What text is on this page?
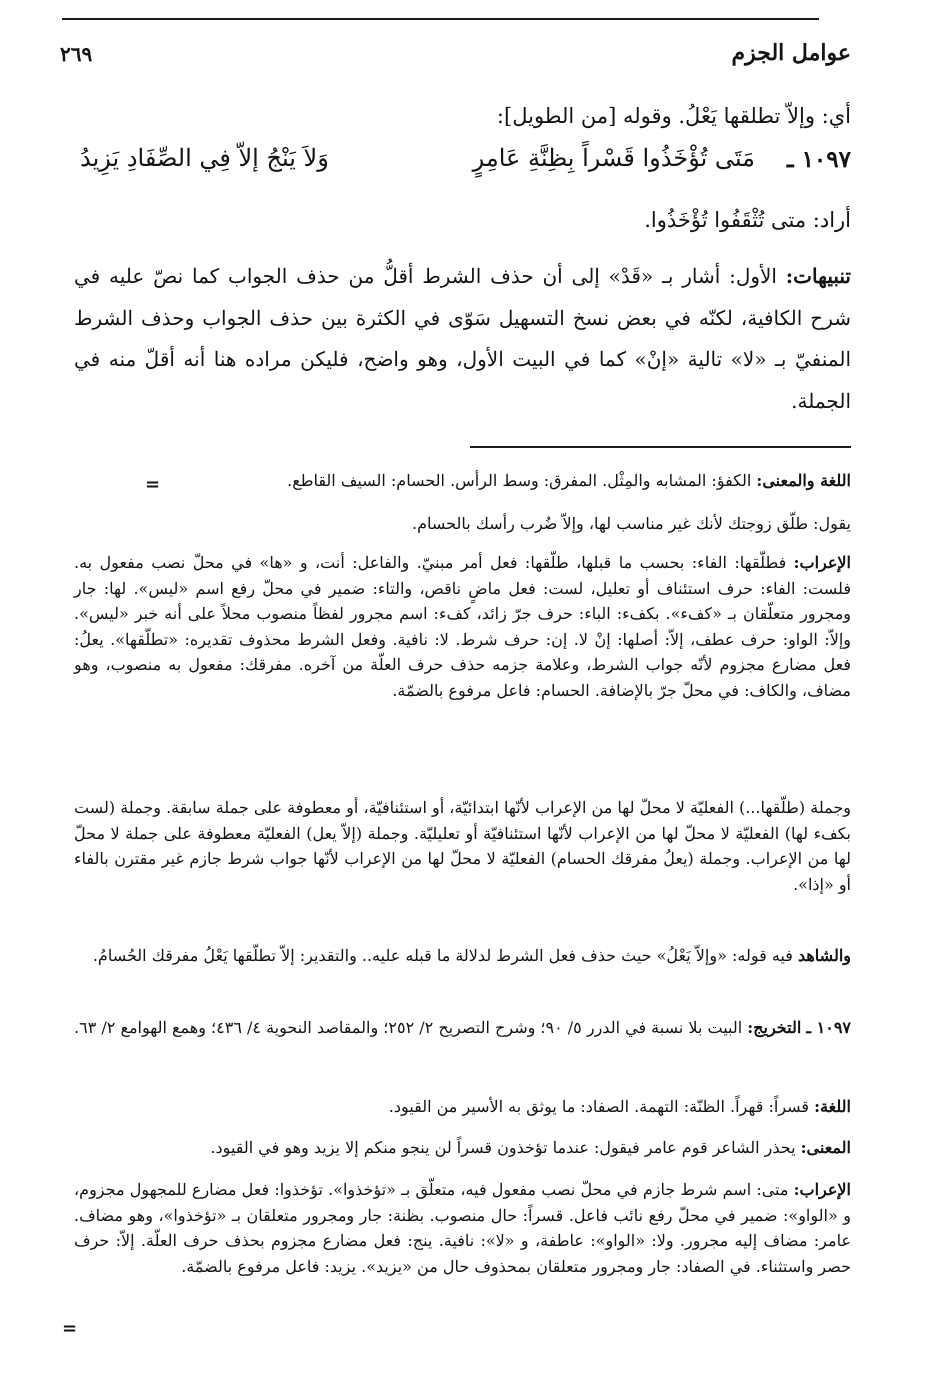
عوامل الجزم
٢٦٩
أي: وإلاّ تطلقها يَعْلُ. وقوله [من الطويل]:
١٠٩٧ ـ
مَتَى تُؤْخَذُوا قَسْراً بِظِنَّةِ عَامِرٍ
وَلاَ يَنْجُ إلاّ فِي الصِّفَادِ يَزِيدُ
أراد: متى تُثْقَفُوا تُؤْخَذُوا.
تنبيهات: الأول: أشار بـ «قَدْ» إلى أن حذف الشرط أقلُّ من حذف الجواب كما نصّ عليه في شرح الكافية، لكنّه في بعض نسخ التسهيل سَوّى في الكثرة بين حذف الجواب وحذف الشرط المنفيّ بـ «لا» تالية «إنْ» كما في البيت الأول، وهو واضح، فليكن مراده هنا أنه أقلّ منه في الجملة.
=	اللغة والمعنى: الكفؤ: المشابه والمِثْل. المفرق: وسط الرأس. الحسام: السيف القاطع.
يقول: طلّق زوجتك لأنك غير مناسب لها، وإلاّ ضُرب رأسك بالحسام.
الإعراب: فطلّقها: الفاء: بحسب ما قبلها، طلّقها: فعل أمر مبنيّ. والفاعل: أنت، و «ها» في محلّ نصب مفعول به. فلست: الفاء: حرف استئناف أو تعليل، لست: فعل ماضٍ ناقص، والتاء: ضمير في محلّ رفع اسم «ليس». لها: جار ومجرور متعلّقان بـ «كفء». بكفء: الباء: حرف جرّ زائد، كفء: اسم مجرور لفظاً منصوب محلاً على أنه خبر «ليس». وإلاّ: الواو: حرف عطف، إلاّ: أصلها: إنْ لا. إن: حرف شرط. لا: نافية. وفعل الشرط محذوف تقديره: «تطلّقها». يعلُ: فعل مضارع مجزوم لأنّه جواب الشرط، وعلامة جزمه حذف حرف العلّة من آخره. مفرقك: مفعول به منصوب، وهو مضاف، والكاف: في محلّ جرّ بالإضافة. الحسام: فاعل مرفوع بالضمّة.
وجملة (طلّقها...) الفعليّة لا محلّ لها من الإعراب لأنّها ابتدائيّة، أو استئنافيّة، أو معطوفة على جملة سابقة. وجملة (لست بكفء لها) الفعليّة لا محلّ لها من الإعراب لأنّها استئنافيّة أو تعليليّة. وجملة (إلاّ يعل) الفعليّة معطوفة على جملة لا محلّ لها من الإعراب. وجملة (يعلُ مفرقك الحسام) الفعليّة لا محلّ لها من الإعراب لأنّها جواب شرط جازم غير مقترن بالفاء أو «إذا».
والشاهد فيه قوله: «وإلاّ يَعْلُ» حيث حذف فعل الشرط لدلالة ما قبله عليه.. والتقدير: إلاّ تطلّقها يَعْلُ مفرقك الحُسامُ.
١٠٩٧ ـ التخريج: البيت بلا نسبة في الدرر ٥/ ٩٠؛ وشرح التصريح ٢/ ٢٥٢؛ والمقاصد النحوية ٤/ ٤٣٦؛ وهمع الهوامع ٢/ ٦٣.
اللغة: قسراً: قهراً. الظنّة: التهمة. الصفاد: ما يوثق به الأسير من القيود.
المعنى: يحذر الشاعر قوم عامر فيقول: عندما تؤخذون قسراً لن ينجو منكم إلا يزيد وهو في القيود.
الإعراب: متى: اسم شرط جازم في محلّ نصب مفعول فيه، متعلّق بـ «تؤخذوا». تؤخذوا: فعل مضارع للمجهول مجزوم، و «الواو»: ضمير في محلّ رفع نائب فاعل. قسراً: حال منصوب. بظنة: جار ومجرور متعلقان بـ «تؤخذوا»، وهو مضاف. عامر: مضاف إليه مجرور. ولا: «الواو»: عاطفة، و «لا»: نافية. ينج: فعل مضارع مجزوم بحذف حرف العلّة. إلاّ: حرف حصر واستثناء. في الصفاد: جار ومجرور متعلقان بمحذوف حال من «يزيد». يزيد: فاعل مرفوع بالضمّة.
=
